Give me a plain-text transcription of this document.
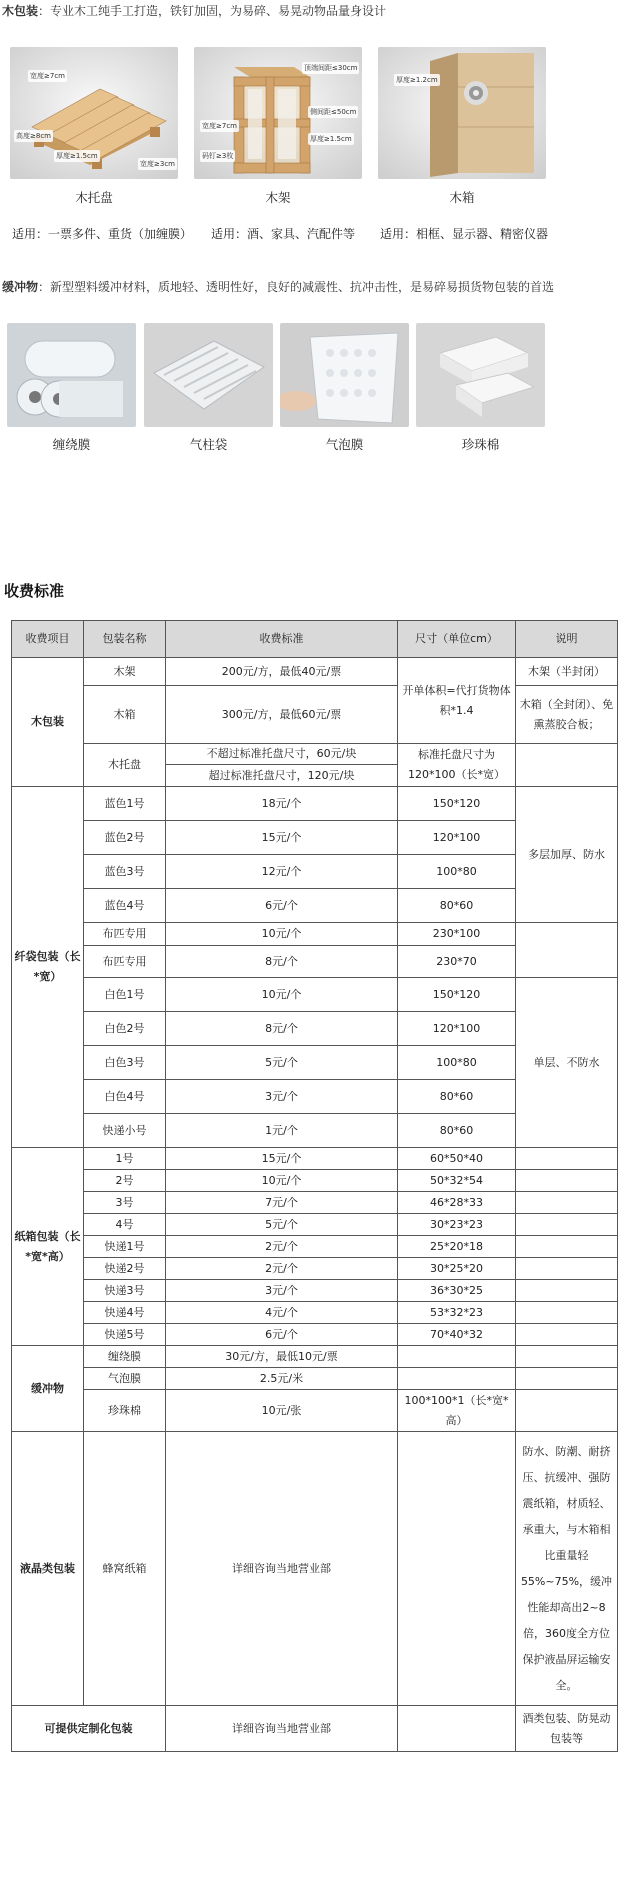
木包装：专业木工纯手工打造，铁钉加固，为易碎、易晃动物品量身设计
宽度≥7cm
高度≥8cm
厚度≥1.5cm
宽度≥3cm
顶端间距≤30cm
侧间距≤50cm
宽度≥7cm
厚度≥1.5cm
码钉≥3枚
厚度≥1.2cm
木托盘	木架	木箱
适用：一票多件、重货（加缠膜） 适用：酒、家具、汽配件等 适用：相框、显示器、精密仪器
缓冲物：新型塑料缓冲材料，质地轻、透明性好，良好的减震性、抗冲击性，是易碎易损货物包装的首选
缠绕膜	气柱袋	气泡膜	珍珠棉
收费标准
收费项目	包装名称	收费标准	尺寸（单位cm）	说明
木包装	木架	200元/方，最低40元/票	开单体积=代打货物体积*1.4	木架（半封闭）
	木箱	300元/方，最低60元/票		木箱（全封闭）、免熏蒸胶合板；
	木托盘	不超过标准托盘尺寸，60元/块	标准托盘尺寸为120*100（长*宽）	
		超过标准托盘尺寸，120元/块		
纤袋包装（长*宽）	蓝色1号	18元/个	150*120	多层加厚、防水
	蓝色2号	15元/个	120*100	
	蓝色3号	12元/个	100*80	
	蓝色4号	6元/个	80*60	
	布匹专用	10元/个	230*100	
	布匹专用	8元/个	230*70	
	白色1号	10元/个	150*120	单层、不防水
	白色2号	8元/个	120*100	
	白色3号	5元/个	100*80	
	白色4号	3元/个	80*60	
	快递小号	1元/个	80*60	
纸箱包装（长*宽*高）	1号	15元/个	60*50*40	
	2号	10元/个	50*32*54	
	3号	7元/个	46*28*33	
	4号	5元/个	30*23*23	
	快递1号	2元/个	25*20*18	
	快递2号	2元/个	30*25*20	
	快递3号	3元/个	36*30*25	
	快递4号	4元/个	53*32*23	
	快递5号	6元/个	70*40*32	
缓冲物	缠绕膜	30元/方，最低10元/票		
	气泡膜	2.5元/米		
	珍珠棉	10元/张	100*100*1（长*宽*高）	
液晶类包装	蜂窝纸箱	详细咨询当地营业部		防水、防潮、耐挤压、抗缓冲、强防震纸箱，材质轻、承重大，与木箱相比重量轻55%~75%，缓冲性能却高出2~8倍，360度全方位保护液晶屏运输安全。
可提供定制化包装		详细咨询当地营业部		酒类包装、防晃动包装等
